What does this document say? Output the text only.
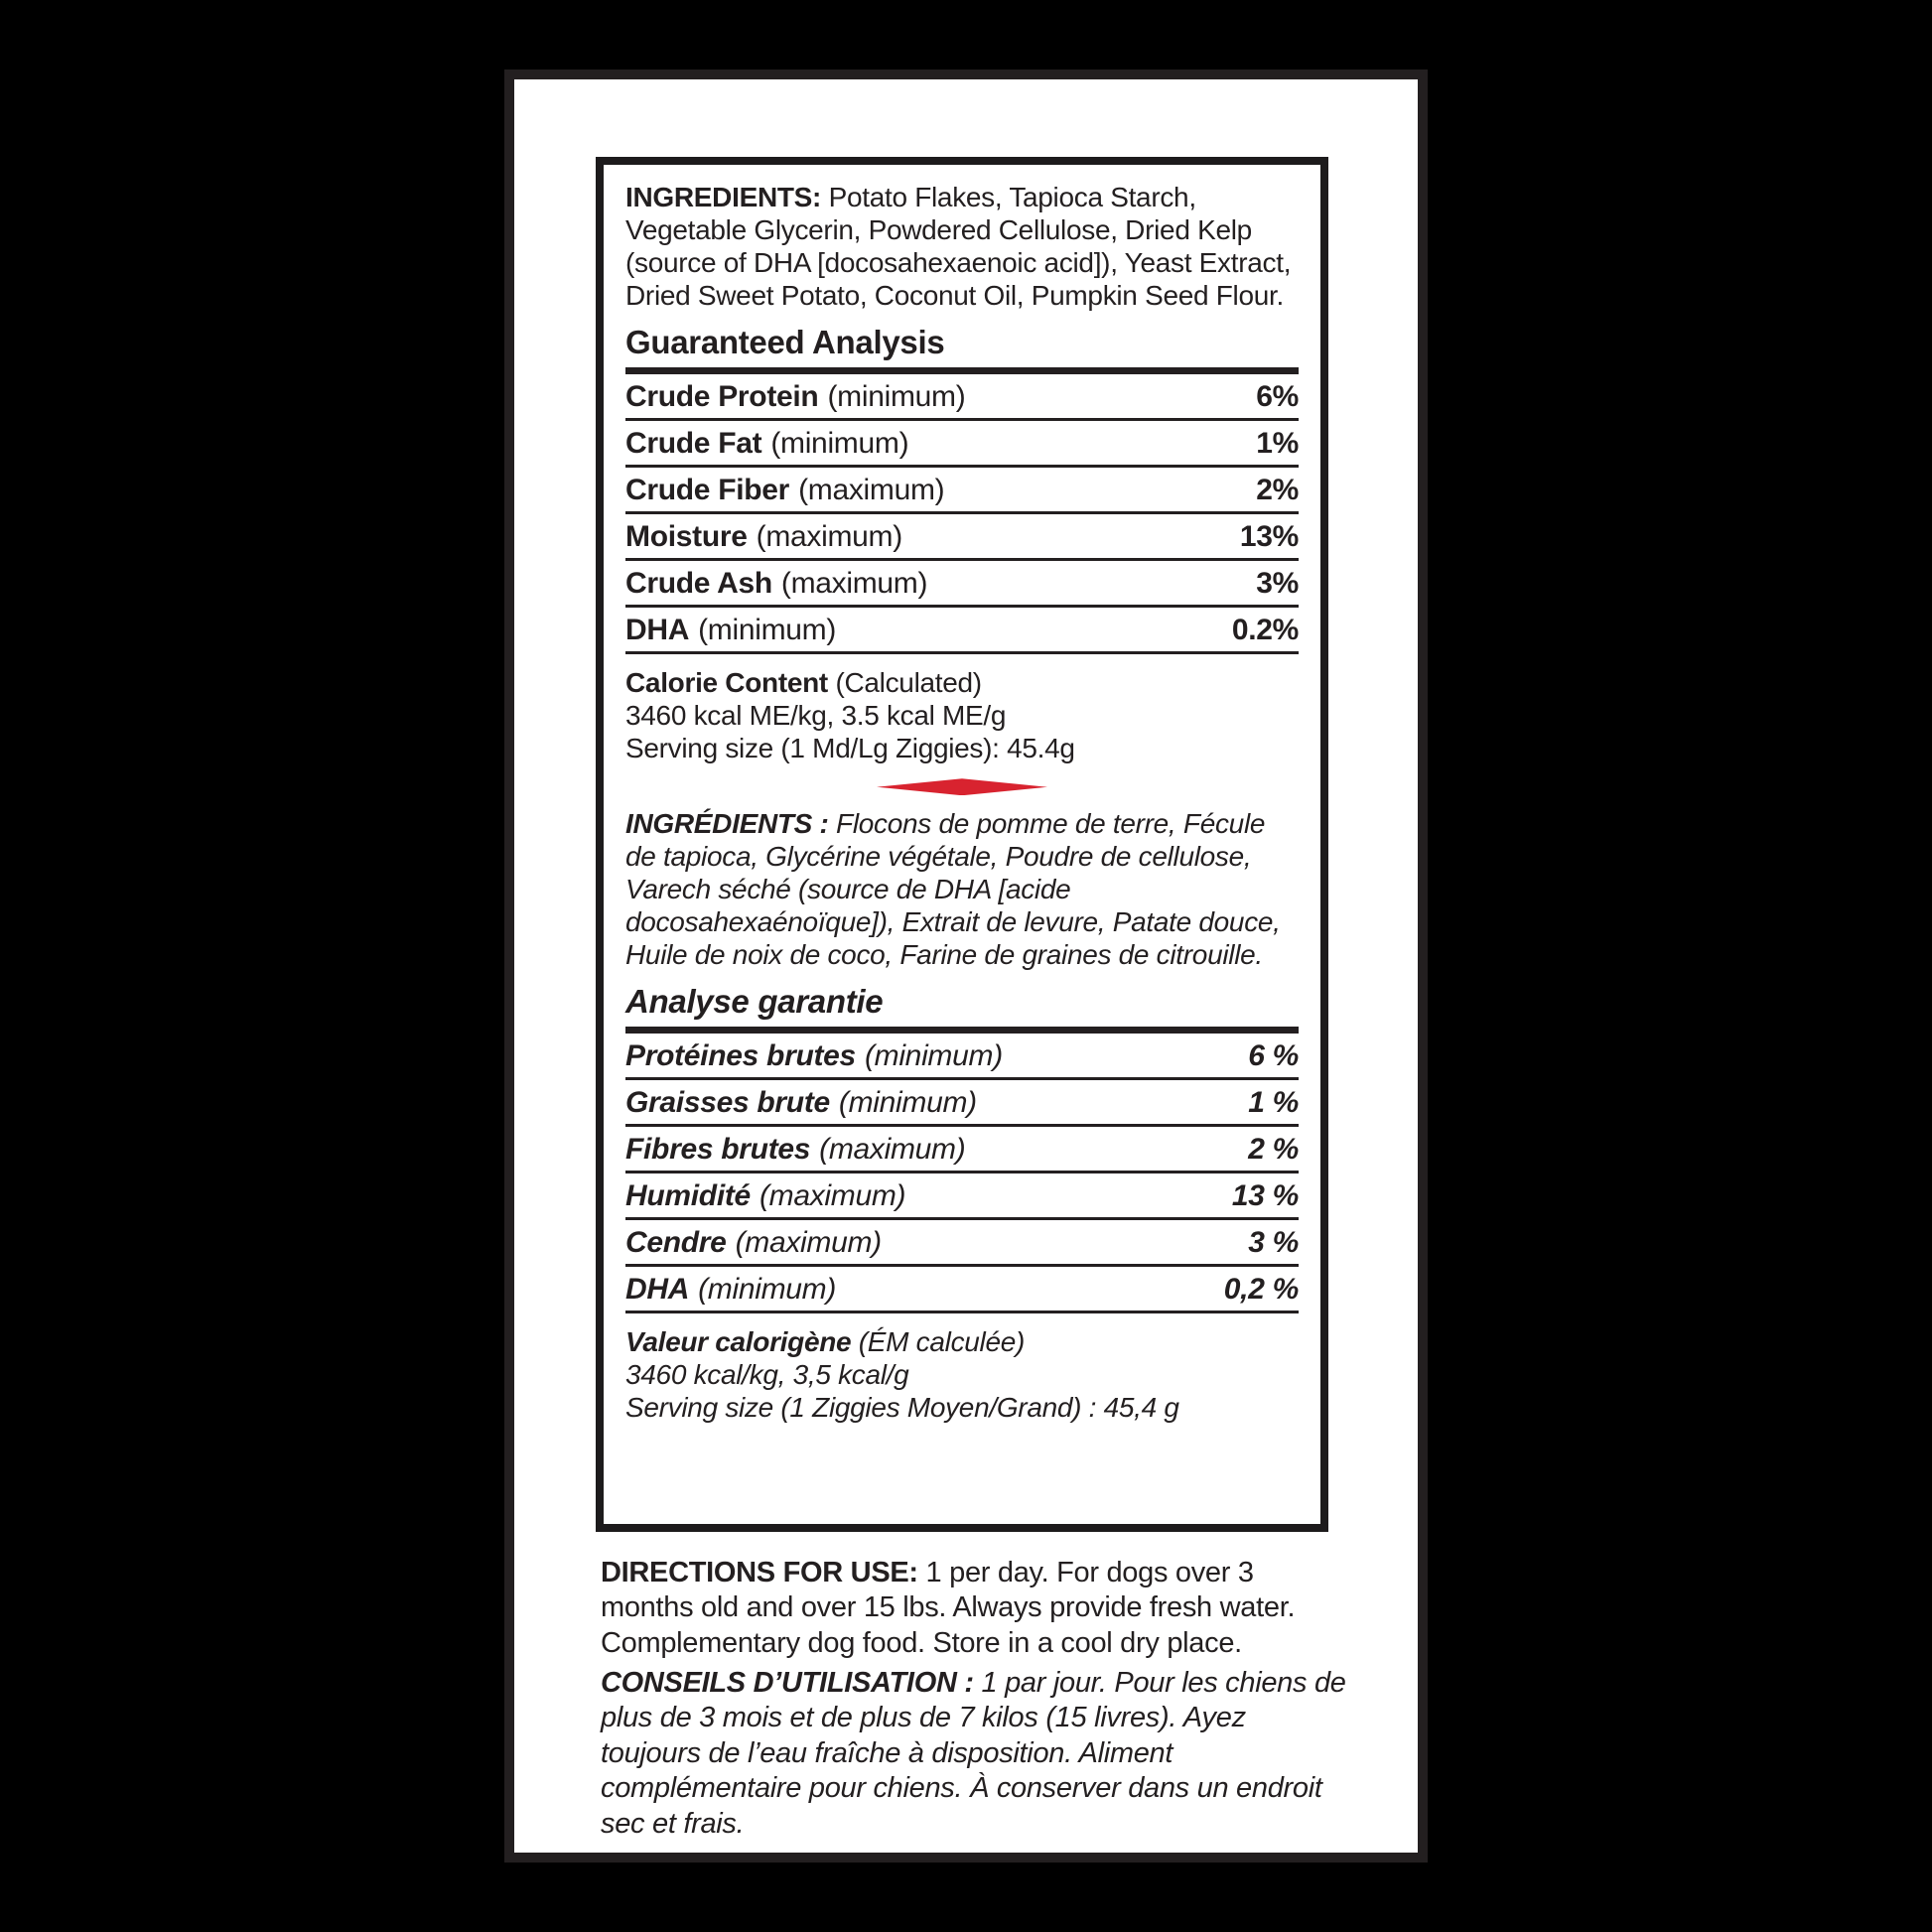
INGREDIENTS: Potato Flakes, Tapioca Starch, Vegetable Glycerin, Powdered Cellulose, Dried Kelp (source of DHA [docosahexaenoic acid]), Yeast Extract, Dried Sweet Potato, Coconut Oil, Pumpkin Seed Flour.

Guaranteed Analysis
Crude Protein (minimum)	6%
Crude Fat (minimum)	1%
Crude Fiber (maximum)	2%
Moisture (maximum)	13%
Crude Ash (maximum)	3%
DHA (minimum)	0.2%

Calorie Content (Calculated)

3460 kcal ME/kg, 3.5 kcal ME/g

Serving size (1 Md/Lg Ziggies): 45.4g

INGRÉDIENTS : Flocons de pomme de terre, Fécule de tapioca, Glycérine végétale, Poudre de cellulose, Varech séché (source de DHA [acide docosahexaénoïque]), Extrait de levure, Patate douce, Huile de noix de coco, Farine de graines de citrouille.

Analyse garantie
Protéines brutes (minimum)	6 %
Graisses brute (minimum)	1 %
Fibres brutes (maximum)	2 %
Humidité (maximum)	13 %
Cendre (maximum)	3 %
DHA (minimum)	0,2 %

Valeur calorigène (ÉM calculée)

3460 kcal/kg, 3,5 kcal/g

Serving size (1 Ziggies Moyen/Grand) : 45,4 g

DIRECTIONS FOR USE: 1 per day. For dogs over 3 months old and over 15 lbs. Always provide fresh water. Complementary dog food. Store in a cool dry place.

CONSEILS D’UTILISATION : 1 par jour. Pour les chiens de plus de 3 mois et de plus de 7 kilos (15 livres). Ayez toujours de l’eau fraîche à disposition. Aliment complémentaire pour chiens. À conserver dans un endroit sec et frais.
